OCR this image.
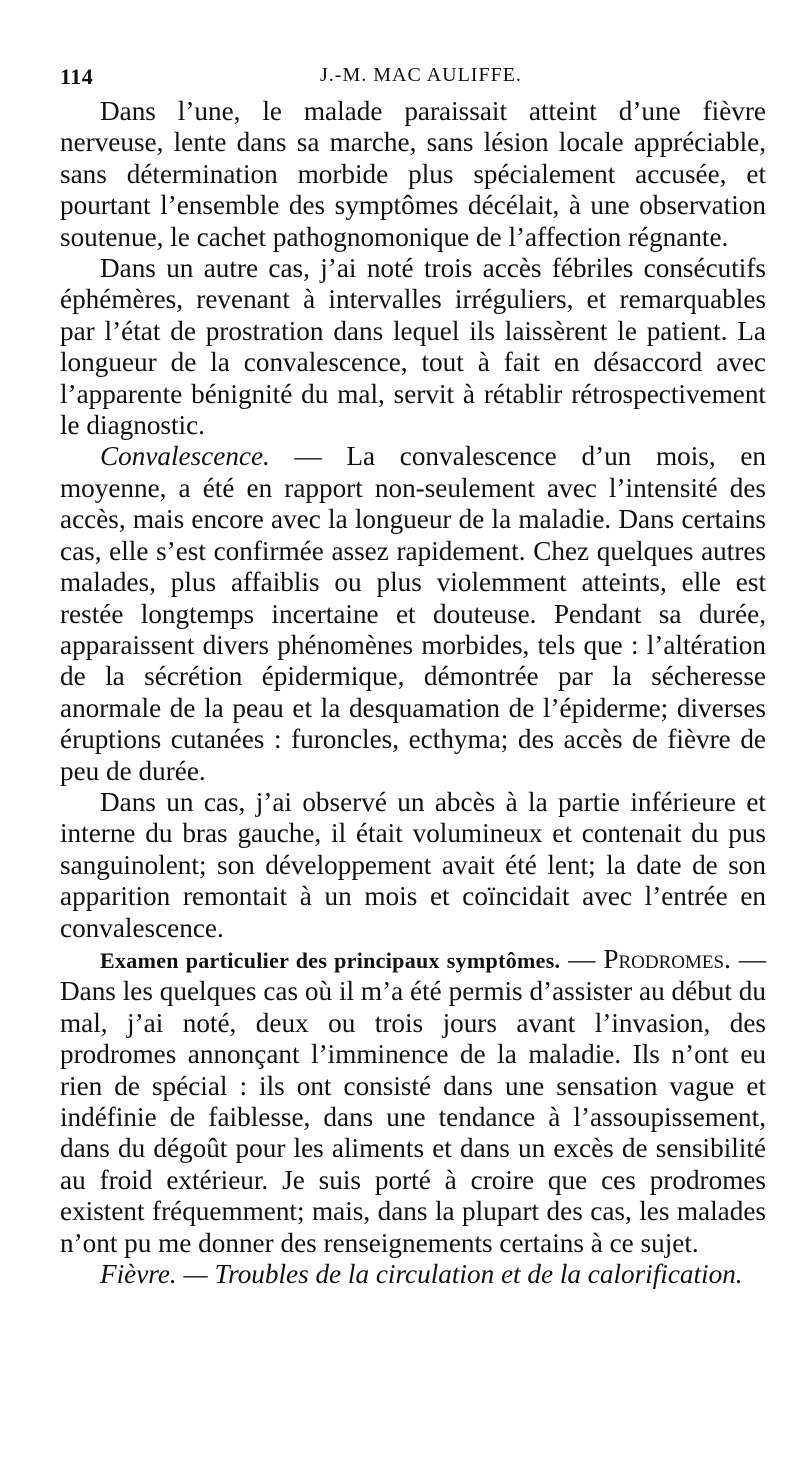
114	J.-M. MAC AULIFFE.

Dans l’une, le malade paraissait atteint d’une fièvre nerveuse, lente dans sa marche, sans lésion locale appréciable, sans détermination morbide plus spécialement accusée, et pourtant l’ensemble des symptômes décélait, à une observation soutenue, le cachet pathognomonique de l’affection régnante.

Dans un autre cas, j’ai noté trois accès fébriles consécutifs éphémères, revenant à intervalles irréguliers, et remarquables par l’état de prostration dans lequel ils laissèrent le patient. La longueur de la convalescence, tout à fait en désaccord avec l’apparente bénignité du mal, servit à rétablir rétrospectivement le diagnostic.

Convalescence. — La convalescence d’un mois, en moyenne, a été en rapport non-seulement avec l’intensité des accès, mais encore avec la longueur de la maladie. Dans certains cas, elle s’est confirmée assez rapidement. Chez quelques autres malades, plus affaiblis ou plus violemment atteints, elle est restée longtemps incertaine et douteuse. Pendant sa durée, apparaissent divers phénomènes morbides, tels que : l’altération de la sécrétion épidermique, démontrée par la sécheresse anormale de la peau et la desquamation de l’épiderme; diverses éruptions cutanées : furoncles, ecthyma; des accès de fièvre de peu de durée.

Dans un cas, j’ai observé un abcès à la partie inférieure et interne du bras gauche, il était volumineux et contenait du pus sanguinolent; son développement avait été lent; la date de son apparition remontait à un mois et coïncidait avec l’entrée en convalescence.

Examen particulier des principaux symptômes. — Prodromes. — Dans les quelques cas où il m’a été permis d’assister au début du mal, j’ai noté, deux ou trois jours avant l’invasion, des prodromes annonçant l’imminence de la maladie. Ils n’ont eu rien de spécial : ils ont consisté dans une sensation vague et indéfinie de faiblesse, dans une tendance à l’assoupissement, dans du dégoût pour les aliments et dans un excès de sensibilité au froid extérieur. Je suis porté à croire que ces prodromes existent fréquemment; mais, dans la plupart des cas, les malades n’ont pu me donner des renseignements certains à ce sujet.

Fièvre. — Troubles de la circulation et de la calorification.
